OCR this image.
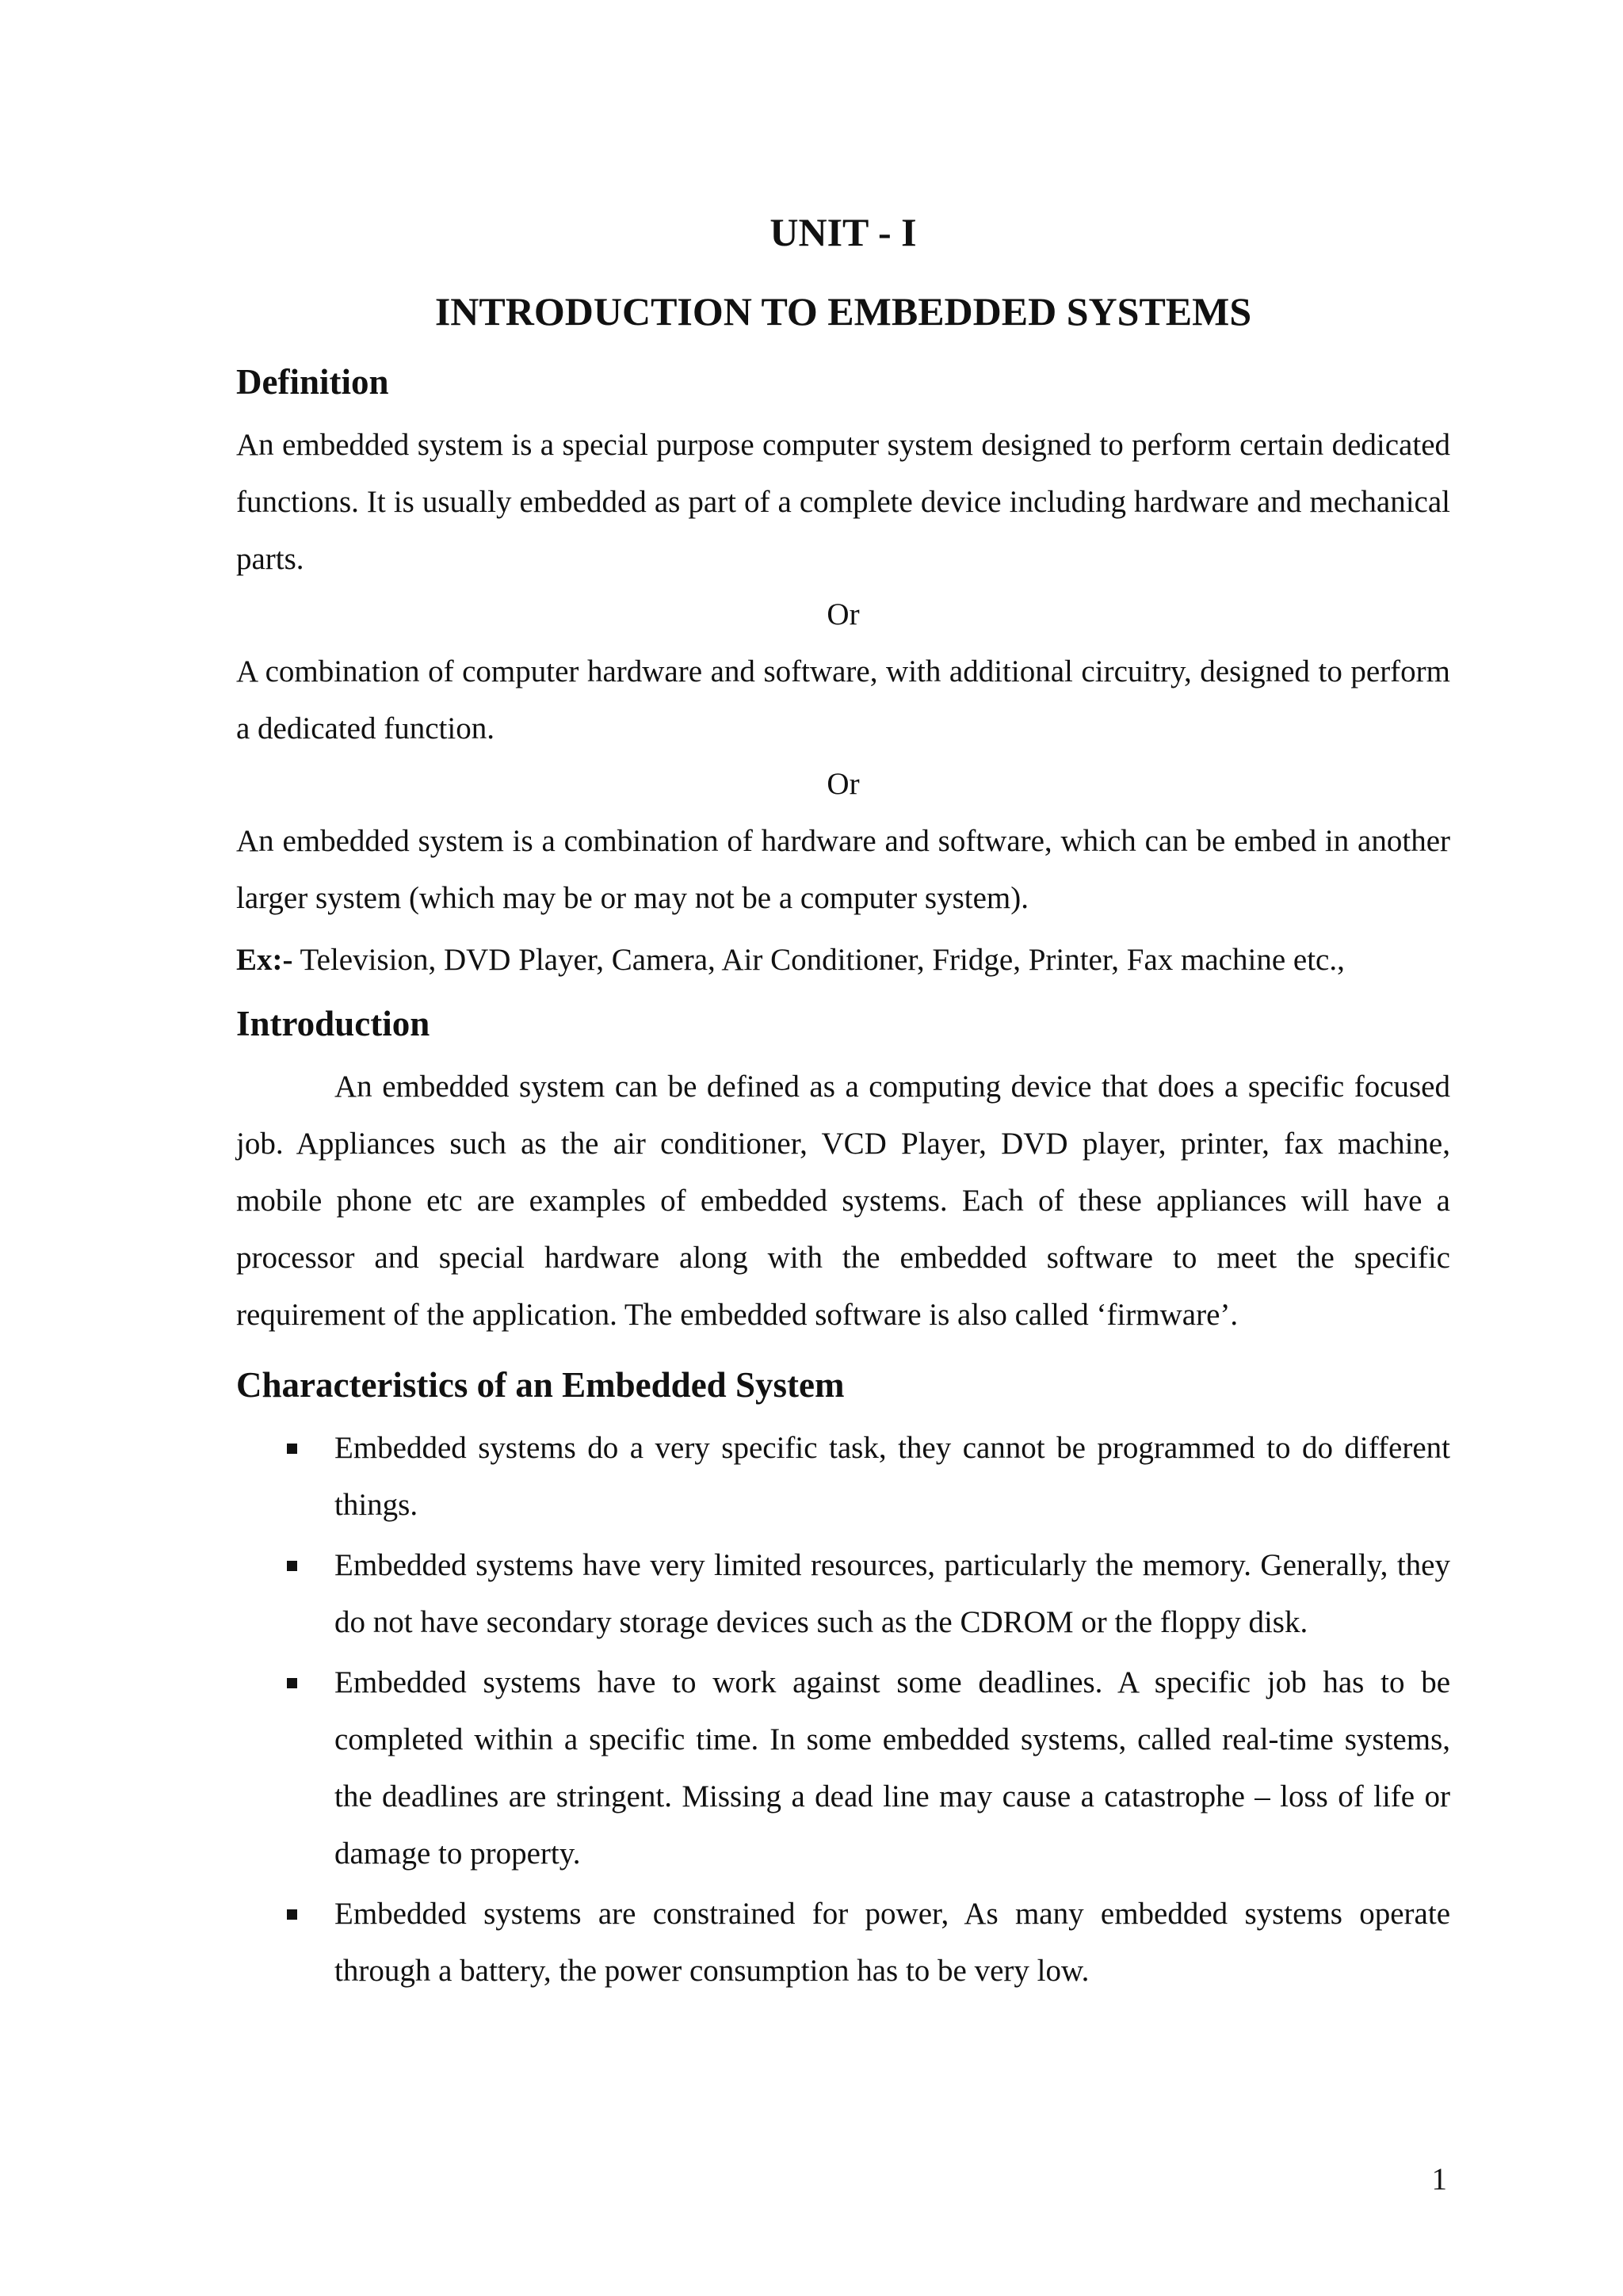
UNIT - I
INTRODUCTION TO EMBEDDED SYSTEMS
Definition

An embedded system is a special purpose computer system designed to perform certain dedicated functions. It is usually embedded as part of a complete device including hardware and mechanical parts.

Or

A combination of computer hardware and software, with additional circuitry, designed to perform a dedicated function.

Or

An embedded system is a combination of hardware and software, which can be embed in another larger system (which may be or may not be a computer system).

Ex:- Television, DVD Player, Camera, Air Conditioner, Fridge, Printer, Fax machine etc.,

Introduction

An embedded system can be defined as a computing device that does a specific focused job. Appliances such as the air conditioner, VCD Player, DVD player, printer, fax machine, mobile phone etc are examples of embedded systems. Each of these appliances will have a processor and special hardware along with the embedded software to meet the specific requirement of the application. The embedded software is also called ‘firmware’.

Characteristics of an Embedded System
Embedded systems do a very specific task, they cannot be programmed to do different things.
Embedded systems have very limited resources, particularly the memory. Generally, they do not have secondary storage devices such as the CDROM or the floppy disk.
Embedded systems have to work against some deadlines. A specific job has to be completed within a specific time. In some embedded systems, called real-time systems, the deadlines are stringent. Missing a dead line may cause a catastrophe – loss of life or damage to property.
Embedded systems are constrained for power, As many embedded systems operate through a battery, the power consumption has to be very low.
1
